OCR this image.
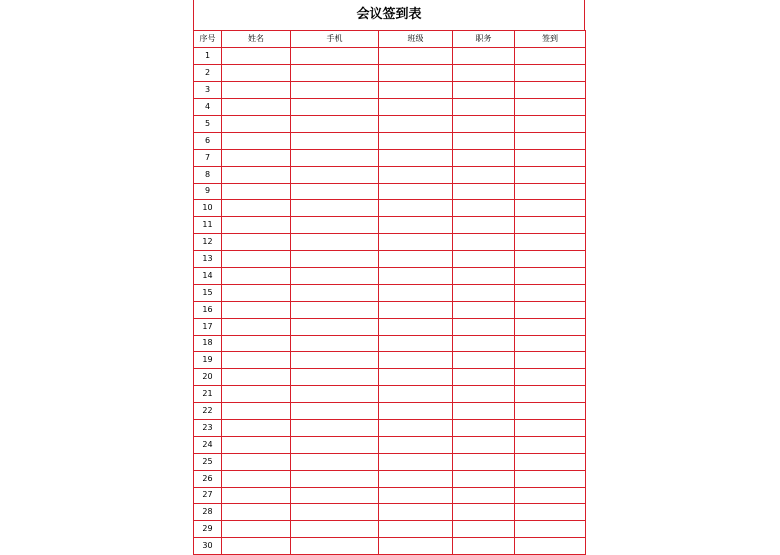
会议签到表
序号	姓名	手机	班级	职务	签到
1					
2					
3					
4					
5					
6					
7					
8					
9					
10					
11					
12					
13					
14					
15					
16					
17					
18					
19					
20					
21					
22					
23					
24					
25					
26					
27					
28					
29					
30					
